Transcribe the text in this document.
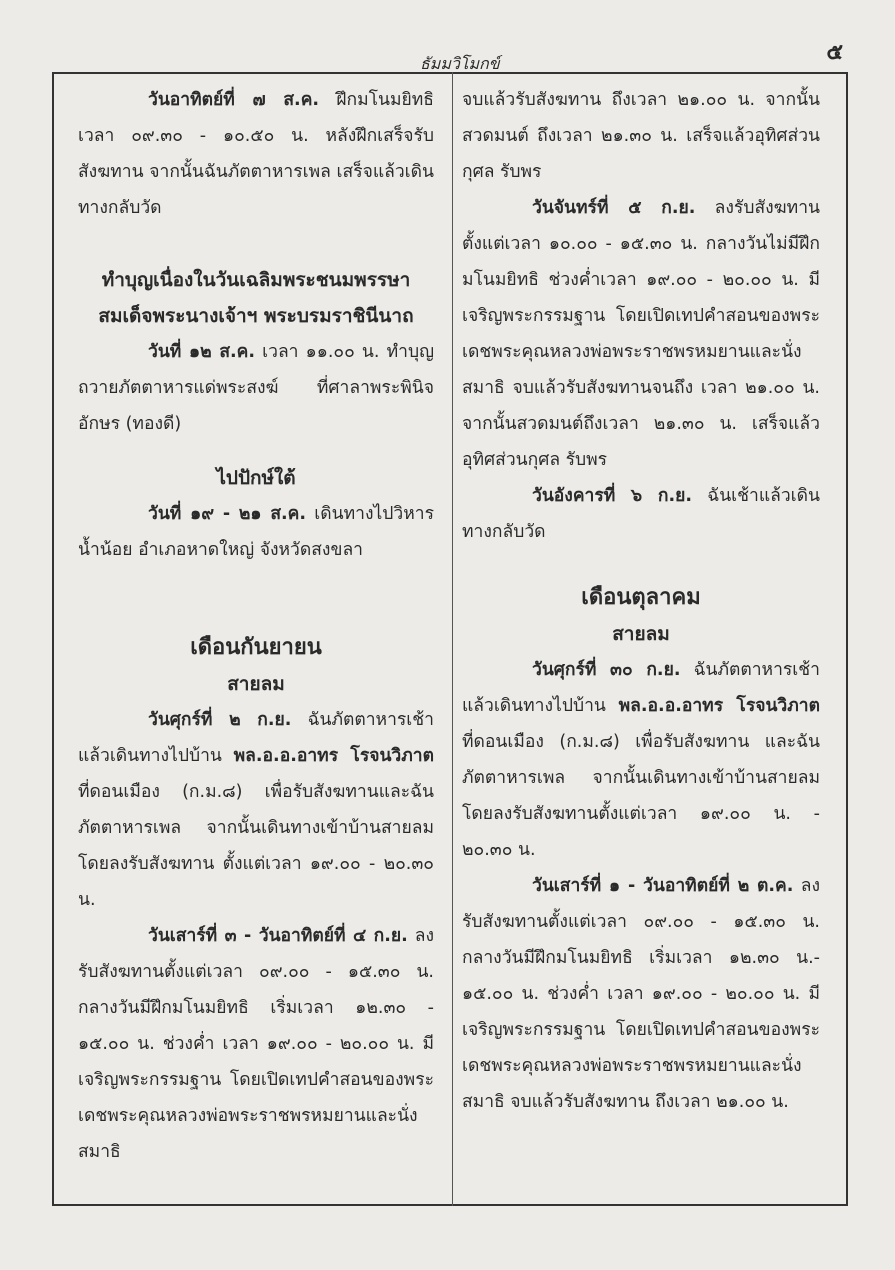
๕
ธัมมวิโมกข์

วันอาทิตย์ที่ ๗ ส.ค. ฝึกมโนมยิทธิ เวลา ๐๙.๓๐ - ๑๐.๕๐ น. หลังฝึกเสร็จรับสังฆทาน จากนั้นฉันภัตตาหารเพล เสร็จแล้วเดินทางกลับวัด

ทำบุญเนื่องในวันเฉลิมพระชนมพรรษา

สมเด็จพระนางเจ้าฯ พระบรมราชินีนาถ

วันที่ ๑๒ ส.ค. เวลา ๑๑.๐๐ น. ทำบุญถวายภัตตาหารแด่พระสงฆ์ ที่ศาลาพระพินิจอักษร (ทองดี)

ไปปักษ์ใต้

วันที่ ๑๙ - ๒๑ ส.ค. เดินทางไปวิหารน้ำน้อย อำเภอหาดใหญ่ จังหวัดสงขลา

เดือนกันยายน

สายลม

วันศุกร์ที่ ๒ ก.ย. ฉันภัตตาหารเช้าแล้วเดินทางไปบ้าน พล.อ.อ.อาทร โรจนวิภาต ที่ดอนเมือง (ก.ม.๘) เพื่อรับสังฆทานและฉันภัตตาหารเพล จากนั้นเดินทางเข้าบ้านสายลมโดยลงรับสังฆทาน ตั้งแต่เวลา ๑๙.๐๐ - ๒๐.๓๐ น.

วันเสาร์ที่ ๓ - วันอาทิตย์ที่ ๔ ก.ย. ลงรับสังฆทานตั้งแต่เวลา ๐๙.๐๐ - ๑๕.๓๐ น. กลางวันมีฝึกมโนมยิทธิ เริ่มเวลา ๑๒.๓๐ - ๑๕.๐๐ น. ช่วงค่ำ เวลา ๑๙.๐๐ - ๒๐.๐๐ น. มีเจริญพระกรรมฐาน โดยเปิดเทปคำสอนของพระเดชพระคุณหลวงพ่อพระราชพรหมยานและนั่งสมาธิ

จบแล้วรับสังฆทาน ถึงเวลา ๒๑.๐๐ น. จากนั้นสวดมนต์ ถึงเวลา ๒๑.๓๐ น. เสร็จแล้วอุทิศส่วนกุศล รับพร

วันจันทร์ที่ ๕ ก.ย. ลงรับสังฆทาน ตั้งแต่เวลา ๑๐.๐๐ - ๑๕.๓๐ น. กลางวันไม่มีฝึกมโนมยิทธิ ช่วงค่ำเวลา ๑๙.๐๐ - ๒๐.๐๐ น. มีเจริญพระกรรมฐาน โดยเปิดเทปคำสอนของพระเดชพระคุณหลวงพ่อพระราชพรหมยานและนั่งสมาธิ จบแล้วรับสังฆทานจนถึง เวลา ๒๑.๐๐ น. จากนั้นสวดมนต์ถึงเวลา ๒๑.๓๐ น. เสร็จแล้วอุทิศส่วนกุศล รับพร

วันอังคารที่ ๖ ก.ย. ฉันเช้าแล้วเดินทางกลับวัด

เดือนตุลาคม

สายลม

วันศุกร์ที่ ๓๐ ก.ย. ฉันภัตตาหารเช้าแล้วเดินทางไปบ้าน พล.อ.อ.อาทร โรจนวิภาต ที่ดอนเมือง (ก.ม.๘) เพื่อรับสังฆทาน และฉันภัตตาหารเพล จากนั้นเดินทางเข้าบ้านสายลมโดยลงรับสังฆทานตั้งแต่เวลา ๑๙.๐๐ น. - ๒๐.๓๐ น.

วันเสาร์ที่ ๑ - วันอาทิตย์ที่ ๒ ต.ค. ลงรับสังฆทานตั้งแต่เวลา ๐๙.๐๐ - ๑๕.๓๐ น. กลางวันมีฝึกมโนมยิทธิ เริ่มเวลา ๑๒.๓๐ น.- ๑๕.๐๐ น. ช่วงค่ำ เวลา ๑๙.๐๐ - ๒๐.๐๐ น. มีเจริญพระกรรมฐาน โดยเปิดเทปคำสอนของพระเดชพระคุณหลวงพ่อพระราชพรหมยานและนั่งสมาธิ จบแล้วรับสังฆทาน ถึงเวลา ๒๑.๐๐ น.
